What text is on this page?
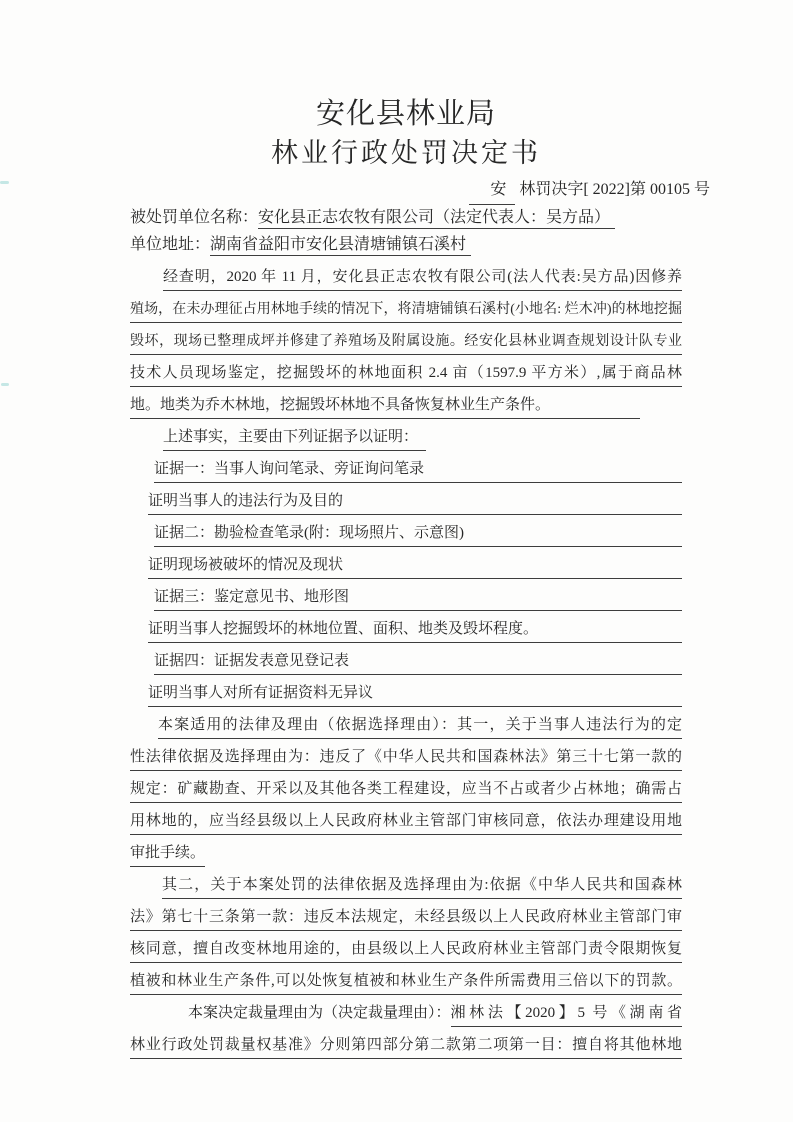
安化县林业局
林业行政处罚决定书
安 林罚决字[ 2022]第 00105 号
被处罚单位名称： 安化县正志农牧有限公司（法定代表人：吴方品）
单位地址： 湖南省益阳市安化县清塘铺镇石溪村
经查明，2020 年 11 月，安化县正志农牧有限公司(法人代表:吴方品)因修养
殖场，在未办理征占用林地手续的情况下，将清塘铺镇石溪村(小地名: 烂木冲)的林地挖掘
毁坏，现场已整理成坪并修建了养殖场及附属设施。经安化县林业调查规划设计队专业
技术人员现场鉴定，挖掘毁坏的林地面积 2.4 亩（1597.9 平方米）,属于商品林
地。地类为乔木林地，挖掘毁坏林地不具备恢复林业生产条件。
上述事实，主要由下列证据予以证明：
证据一：当事人询问笔录、旁证询问笔录
证明当事人的违法行为及目的
证据二：勘验检查笔录(附：现场照片、示意图)
证明现场被破坏的情况及现状
证据三：鉴定意见书、地形图
证明当事人挖掘毁坏的林地位置、面积、地类及毁坏程度。
证据四：证据发表意见登记表
证明当事人对所有证据资料无异议
本案适用的法律及理由（依据选择理由）：其一，关于当事人违法行为的定
性法律依据及选择理由为：违反了《中华人民共和国森林法》第三十七第一款的
规定：矿藏勘查、开采以及其他各类工程建设，应当不占或者少占林地；确需占
用林地的，应当经县级以上人民政府林业主管部门审核同意，依法办理建设用地
审批手续。
其二，关于本案处罚的法律依据及选择理由为:依据《中华人民共和国森林
法》第七十三条第一款：违反本法规定，未经县级以上人民政府林业主管部门审
核同意，擅自改变林地用途的，由县级以上人民政府林业主管部门责令限期恢复
植被和林业生产条件,可以处恢复植被和林业生产条件所需费用三倍以下的罚款。
本案决定裁量理由为（决定裁量理由）： 湘林法【2020】5 号《湖南省
林业行政处罚裁量权基准》分则第四部分第二款第二项第一目：擅自将其他林地
